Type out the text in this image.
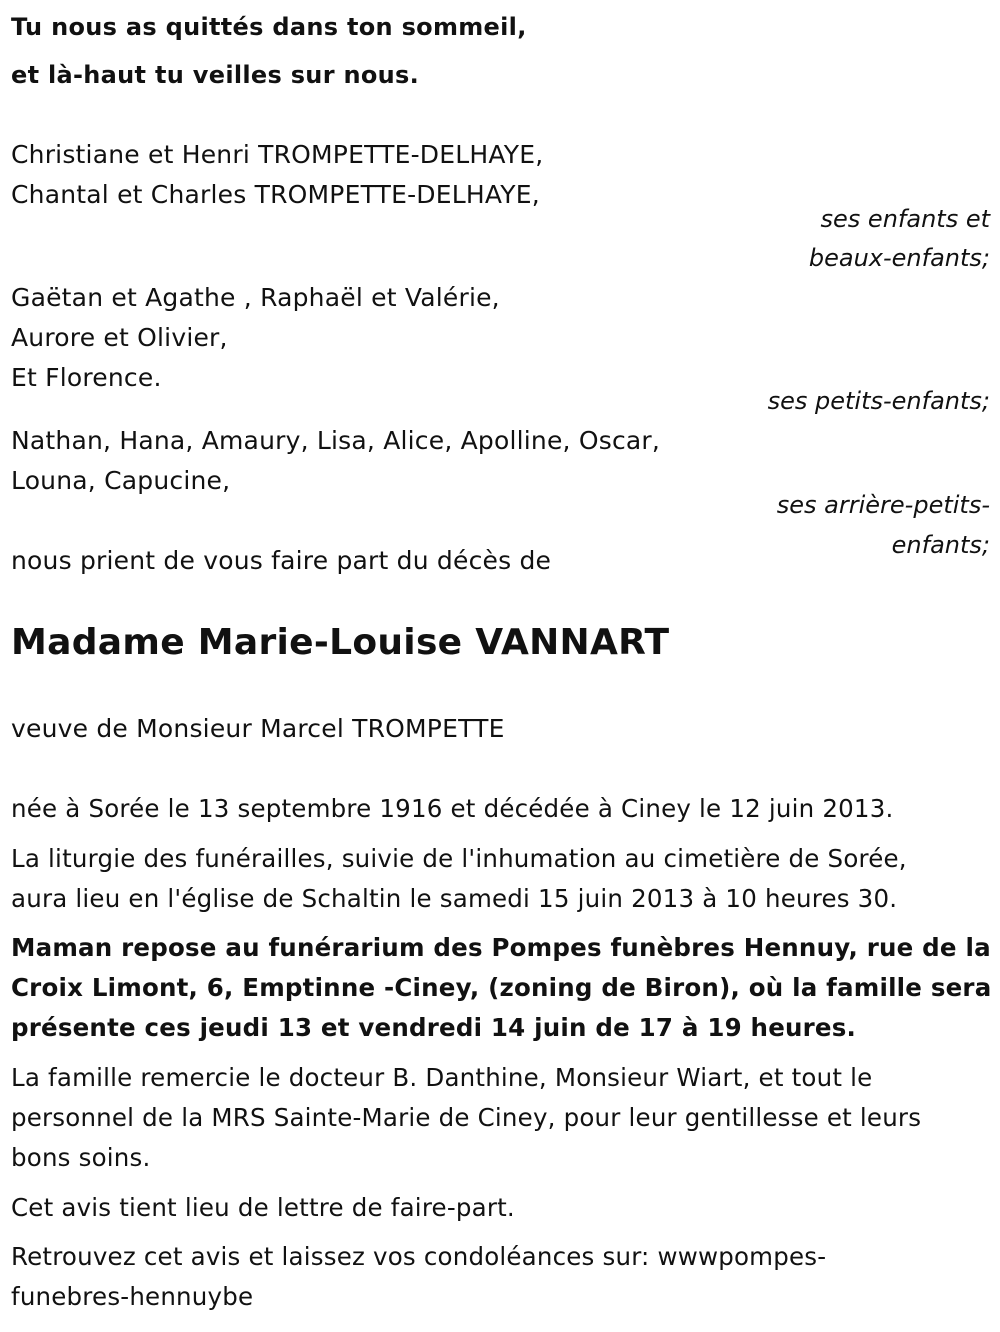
Tu nous as quittés dans ton sommeil,
et là-haut tu veilles sur nous.
Christiane et Henri TROMPETTE-DELHAYE,
Chantal et Charles TROMPETTE-DELHAYE,
ses enfants et
beaux-enfants;
Gaëtan et Agathe , Raphaël et Valérie,
Aurore et Olivier,
Et Florence.
ses petits-enfants;
Nathan, Hana, Amaury, Lisa, Alice, Apolline, Oscar,
Louna, Capucine,
ses arrière-petits-
enfants;
nous prient de vous faire part du décès de
Madame Marie-Louise VANNART
veuve de Monsieur Marcel TROMPETTE
née à Sorée le 13 septembre 1916 et décédée à Ciney le 12 juin 2013.
La liturgie des funérailles, suivie de l'inhumation au cimetière de Sorée,
aura lieu en l'église de Schaltin le samedi 15 juin 2013 à 10 heures 30.
Maman repose au funérarium des Pompes funèbres Hennuy, rue de la
Croix Limont, 6, Emptinne -Ciney, (zoning de Biron), où la famille sera
présente ces jeudi 13 et vendredi 14 juin de 17 à 19 heures.
La famille remercie le docteur B. Danthine, Monsieur Wiart, et tout le
personnel de la MRS Sainte-Marie de Ciney, pour leur gentillesse et leurs
bons soins.
Cet avis tient lieu de lettre de faire-part.
Retrouvez cet avis et laissez vos condoléances sur: wwwpompes-
funebres-hennuybe
